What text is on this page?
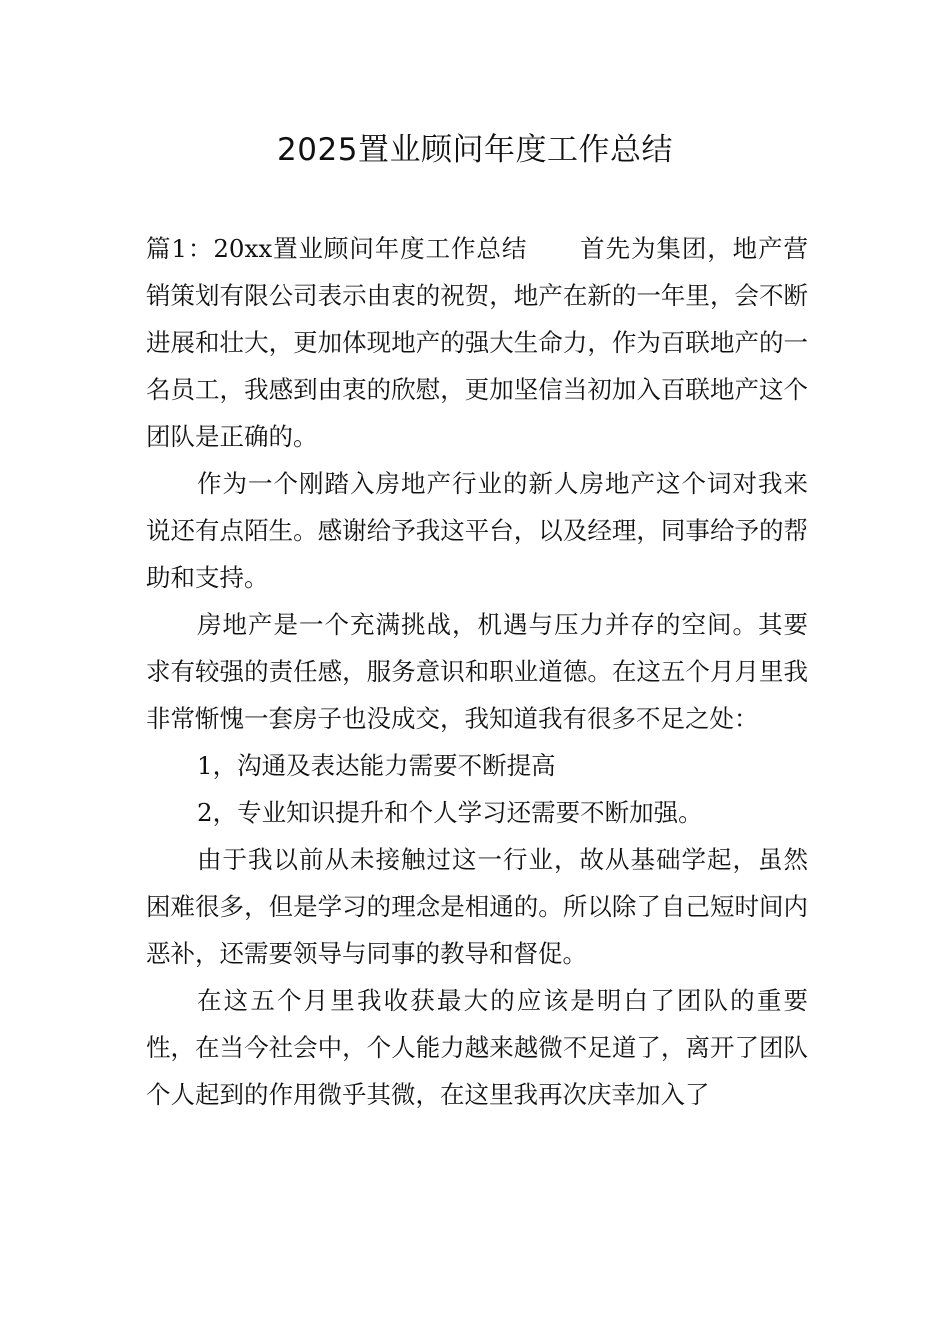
2025置业顾问年度工作总结

篇1：20xx置业顾问年度工作总结 首先为集团，地产营销策划有限公司表示由衷的祝贺，地产在新的一年里，会不断进展和壮大，更加体现地产的强大生命力，作为百联地产的一名员工，我感到由衷的欣慰，更加坚信当初加入百联地产这个团队是正确的。

作为一个刚踏入房地产行业的新人房地产这个词对我来说还有点陌生。感谢给予我这平台，以及经理，同事给予的帮助和支持。

房地产是一个充满挑战，机遇与压力并存的空间。其要求有较强的责任感，服务意识和职业道德。在这五个月月里我非常惭愧一套房子也没成交，我知道我有很多不足之处：

1，沟通及表达能力需要不断提高

2，专业知识提升和个人学习还需要不断加强。

由于我以前从未接触过这一行业，故从基础学起，虽然困难很多，但是学习的理念是相通的。所以除了自己短时间内恶补，还需要领导与同事的教导和督促。

在这五个月里我收获最大的应该是明白了团队的重要性，在当今社会中，个人能力越来越微不足道了，离开了团队个人起到的作用微乎其微，在这里我再次庆幸加入了
